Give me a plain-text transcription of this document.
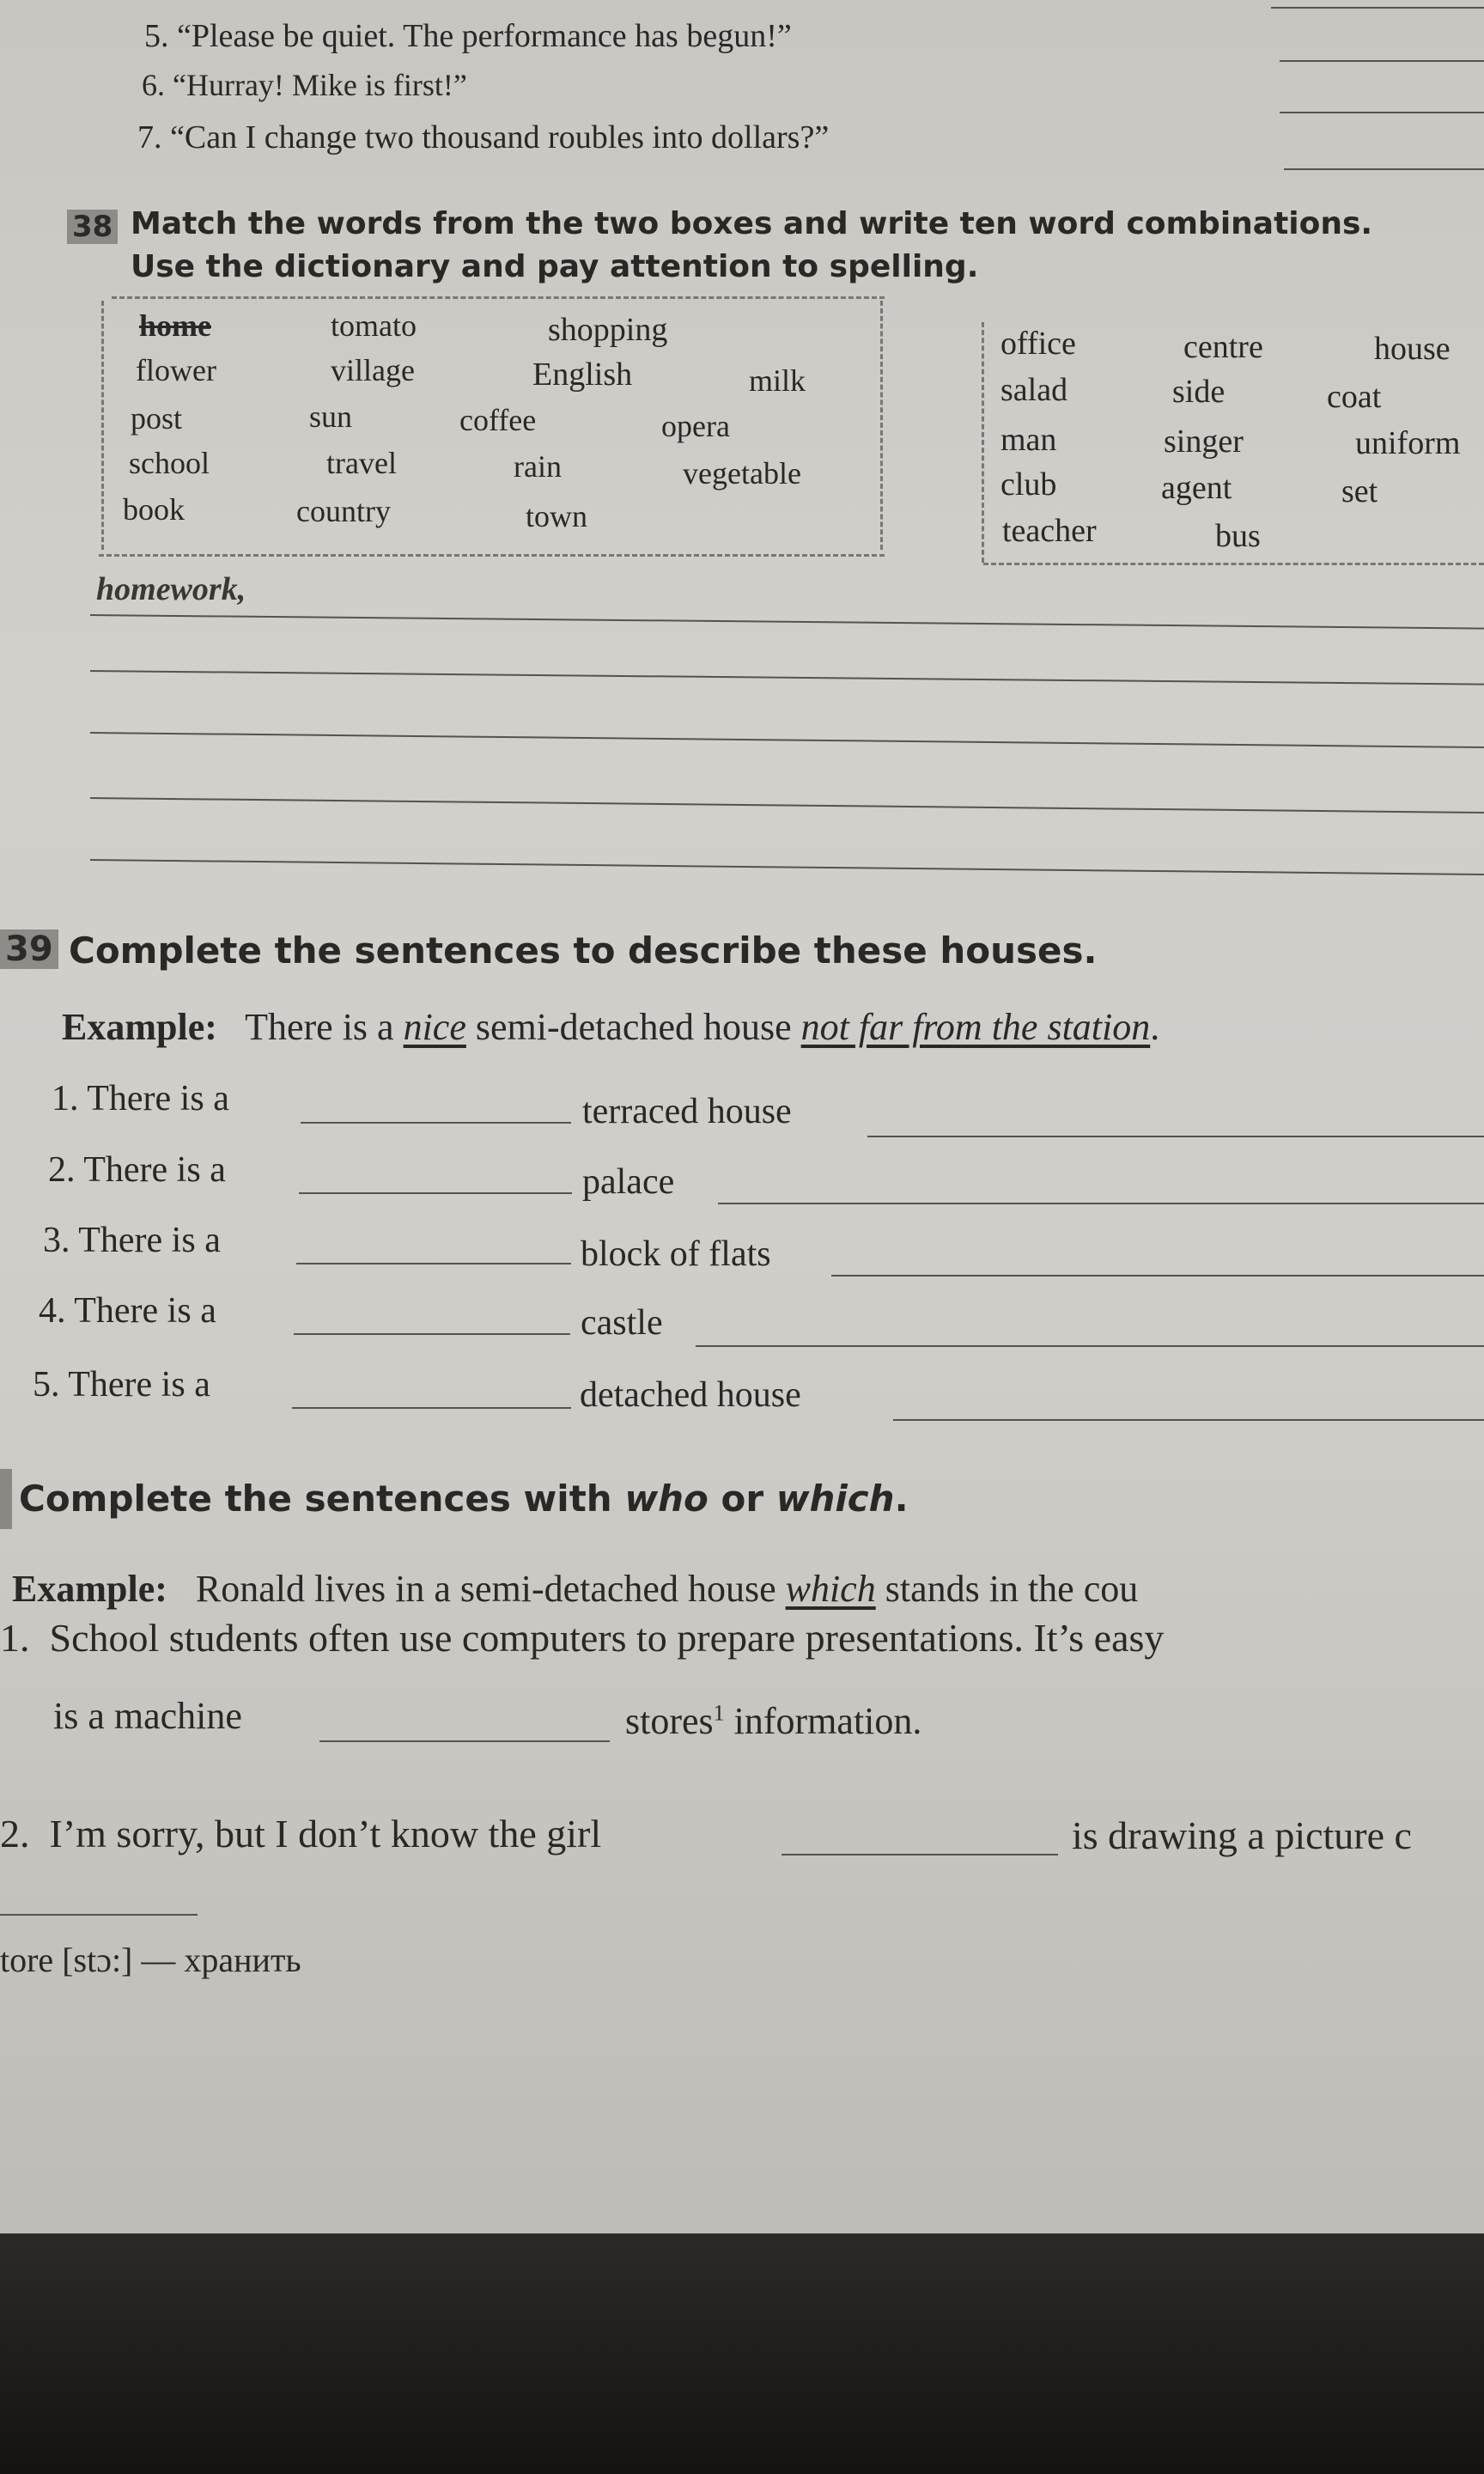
5. “Please be quiet. The performance has begun!”
6. “Hurray! Mike is first!”
7. “Can I change two thousand roubles into dollars?”
38 Match the words from the two boxes and write ten word combinations.
Use the dictionary and pay attention to spelling.
home	tomato	shopping
flower	village	English	milk
post	sun	coffee	opera
school	travel	rain	vegetable
book	country	town
office	centre	house
salad	side	coat
man	singer	uniform
club	agent	set
teacher	bus
homework,
39 Complete the sentences to describe these houses.
Example: There is a nice semi-detached house not far from the station.
1. There is a	terraced house
2. There is a	palace
3. There is a	block of flats
4. There is a	castle
5. There is a	detached house
Complete the sentences with who or which.
Example: Ronald lives in a semi-detached house which stands in the cou
1. School students often use computers to prepare presentations. It’s easy
is a machine	stores$^1$ information.
2. I’m sorry, but I don’t know the girl	is drawing a picture c
tore [stɔ:] — хранить
